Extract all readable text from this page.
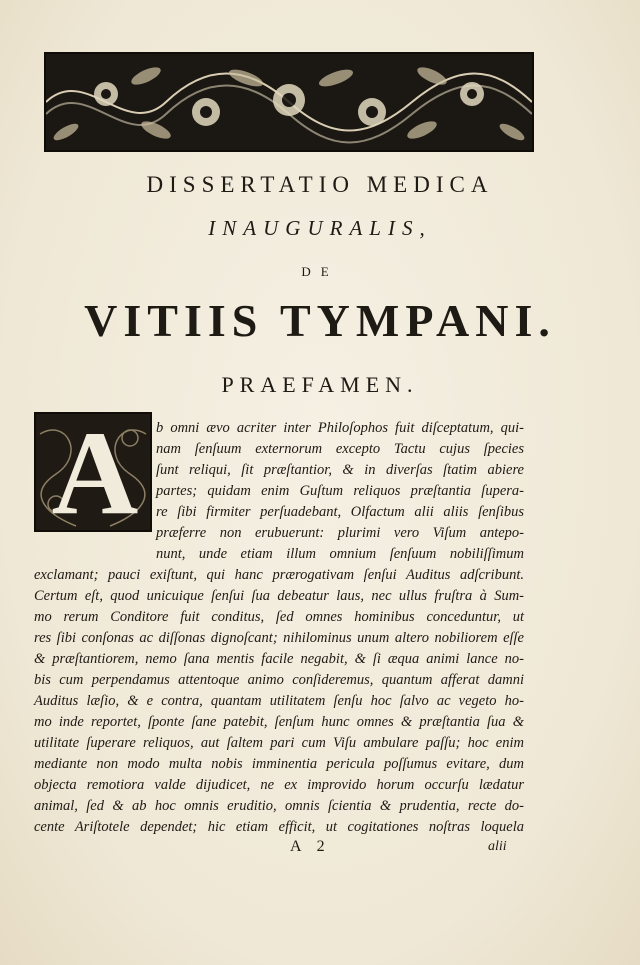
DISSERTATIO MEDICA
INAUGURALIS,
DE
VITIIS TYMPANI.
PRAEFAMEN.
A	b omni ævo acriter inter Philoſophos fuit diſceptatum, qui-
nam ſenſuum externorum excepto Tactu cujus ſpecies
ſunt reliqui, ſit præſtantior, & in diverſas ſtatim abiere
partes; quidam enim Guſtum reliquos præſtantia ſupera-
re ſibi firmiter perſuadebant, Olfactum alii aliis ſenſibus
præferre non erubuerunt: plurimi vero Viſum antepo-
nunt, unde etiam illum omnium ſenſuum nobiliſſimum
exclamant; pauci exiſtunt, qui hanc prærogativam ſenſui Auditus adſcribunt.
Certum eſt, quod unicuique ſenſui ſua debeatur laus, nec ullus fruſtra à Sum-
mo rerum Conditore fuit conditus, ſed omnes hominibus conceduntur, ut
res ſibi conſonas ac diſſonas dignoſcant; nihilominus unum altero nobiliorem eſſe
& præſtantiorem, nemo ſana mentis facile negabit, & ſi æqua animi lance no-
bis cum perpendamus attentoque animo conſideremus, quantum afferat damni
Auditus læſio, & e contra, quantam utilitatem ſenſu hoc ſalvo ac vegeto ho-
mo inde reportet, ſponte ſane patebit, ſenſum hunc omnes & præſtantia ſua &
utilitate ſuperare reliquos, aut ſaltem pari cum Viſu ambulare paſſu; hoc enim
mediante non modo multa nobis imminentia pericula poſſumus evitare, dum
objecta remotiora valde dijudicet, ne ex improvido horum occurſu lædatur
animal, ſed & ab hoc omnis eruditio, omnis ſcientia & prudentia, recte do-
cente Ariſtotele dependet; hic etiam efficit, ut cogitationes noſtras loquela
A 2	alii
